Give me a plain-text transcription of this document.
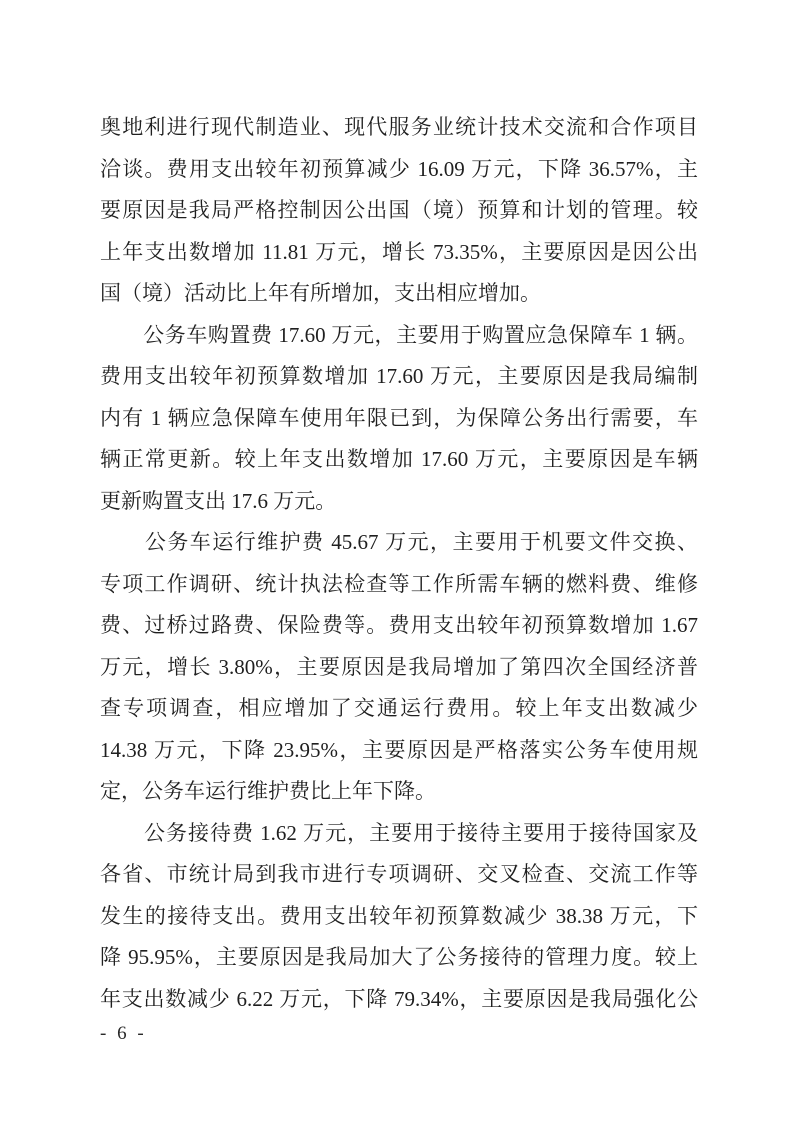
奥地利进行现代制造业、现代服务业统计技术交流和合作项目
洽谈。费用支出较年初预算减少 16.09 万元，下降 36.57%，主
要原因是我局严格控制因公出国（境）预算和计划的管理。较
上年支出数增加 11.81 万元，增长 73.35%，主要原因是因公出
国（境）活动比上年有所增加，支出相应增加。
　　公务车购置费 17.60 万元，主要用于购置应急保障车 1 辆。
费用支出较年初预算数增加 17.60 万元，主要原因是我局编制
内有 1 辆应急保障车使用年限已到，为保障公务出行需要，车
辆正常更新。较上年支出数增加 17.60 万元，主要原因是车辆
更新购置支出 17.6 万元。
　　公务车运行维护费 45.67 万元，主要用于机要文件交换、
专项工作调研、统计执法检查等工作所需车辆的燃料费、维修
费、过桥过路费、保险费等。费用支出较年初预算数增加 1.67
万元，增长 3.80%，主要原因是我局增加了第四次全国经济普
查专项调查，相应增加了交通运行费用。较上年支出数减少
14.38 万元，下降 23.95%，主要原因是严格落实公务车使用规
定，公务车运行维护费比上年下降。
　　公务接待费 1.62 万元，主要用于接待主要用于接待国家及
各省、市统计局到我市进行专项调研、交叉检查、交流工作等
发生的接待支出。费用支出较年初预算数减少 38.38 万元，下
降 95.95%，主要原因是我局加大了公务接待的管理力度。较上
年支出数减少 6.22 万元，下降 79.34%，主要原因是我局强化公
- 6 -
